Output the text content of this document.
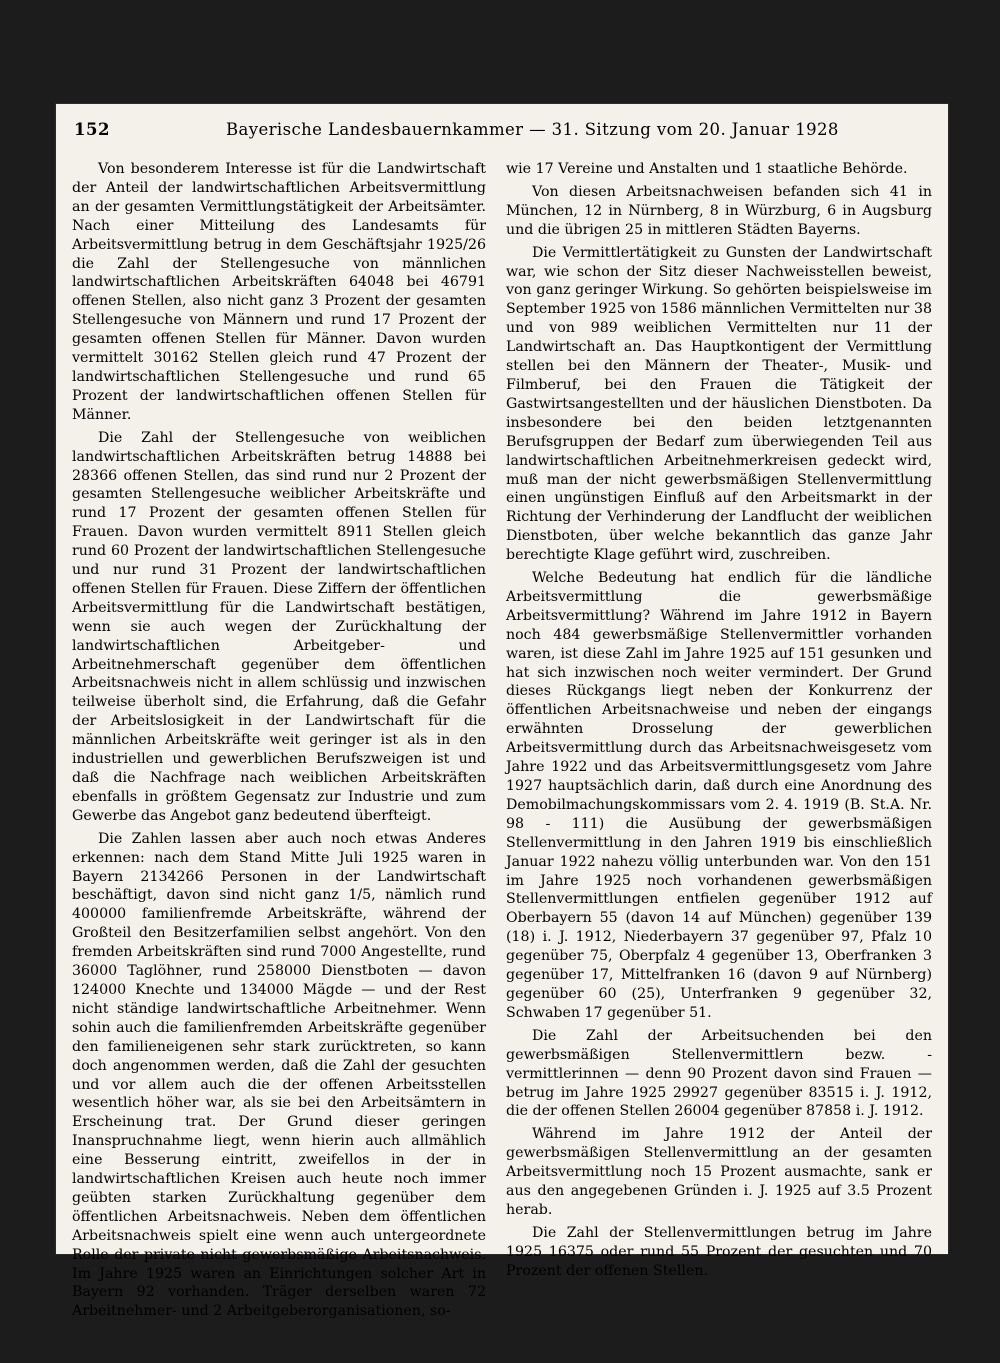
152	Bayerische Landesbauernkammer — 31. Sitzung vom 20. Januar 1928

Von besonderem Interesse ist für die Landwirtschaft der Anteil der landwirtschaftlichen Arbeitsvermittlung an der gesamten Vermittlungstätigkeit der Arbeitsämter. Nach einer Mitteilung des Landesamts für Arbeitsvermittlung betrug in dem Geschäftsjahr 1925/26 die Zahl der Stellengesuche von männlichen landwirtschaftlichen Arbeitskräften 64048 bei 46791 offenen Stellen, also nicht ganz 3 Prozent der gesamten Stellengesuche von Männern und rund 17 Prozent der gesamten offenen Stellen für Männer. Davon wurden vermittelt 30162 Stellen gleich rund 47 Prozent der landwirtschaftlichen Stellengesuche und rund 65 Prozent der landwirtschaftlichen offenen Stellen für Männer.

Die Zahl der Stellengesuche von weiblichen landwirtschaftlichen Arbeitskräften betrug 14888 bei 28366 offenen Stellen, das sind rund nur 2 Prozent der gesamten Stellengesuche weiblicher Arbeitskräfte und rund 17 Prozent der gesamten offenen Stellen für Frauen. Davon wurden vermittelt 8911 Stellen gleich rund 60 Prozent der landwirtschaftlichen Stellengesuche und nur rund 31 Prozent der landwirtschaftlichen offenen Stellen für Frauen. Diese Ziffern der öffentlichen Arbeitsvermittlung für die Landwirtschaft bestätigen, wenn sie auch wegen der Zurückhaltung der landwirtschaftlichen Arbeitgeber- und Arbeitnehmerschaft gegenüber dem öffentlichen Arbeitsnachweis nicht in allem schlüssig und inzwischen teilweise überholt sind, die Erfahrung, daß die Gefahr der Arbeitslosigkeit in der Landwirtschaft für die männlichen Arbeitskräfte weit geringer ist als in den industriellen und gewerblichen Berufszweigen ist und daß die Nachfrage nach weiblichen Arbeitskräften ebenfalls in größtem Gegensatz zur Industrie und zum Gewerbe das Angebot ganz bedeutend überfteigt.

Die Zahlen lassen aber auch noch etwas Anderes erkennen: nach dem Stand Mitte Juli 1925 waren in Bayern 2134266 Personen in der Landwirtschaft beschäftigt, davon sind nicht ganz 1/5, nämlich rund 400000 familienfremde Arbeitskräfte, während der Großteil den Besitzerfamilien selbst angehört. Von den fremden Arbeitskräften sind rund 7000 Angestellte, rund 36000 Taglöhner, rund 258000 Dienstboten — davon 124000 Knechte und 134000 Mägde — und der Rest nicht ständige landwirtschaftliche Arbeitnehmer. Wenn sohin auch die familienfremden Arbeitskräfte gegenüber den familieneigenen sehr stark zurücktreten, so kann doch angenommen werden, daß die Zahl der gesuchten und vor allem auch die der offenen Arbeitsstellen wesentlich höher war, als sie bei den Arbeitsämtern in Erscheinung trat. Der Grund dieser geringen Inanspruchnahme liegt, wenn hierin auch allmählich eine Besserung eintritt, zweifellos in der in landwirtschaftlichen Kreisen auch heute noch immer geübten starken Zurückhaltung gegenüber dem öffentlichen Arbeitsnachweis. Neben dem öffentlichen Arbeitsnachweis spielt eine wenn auch untergeordnete Rolle der private nicht gewerbsmäßige Arbeitsnachweis. Im Jahre 1925 waren an Einrichtungen solcher Art in Bayern 92 vorhanden. Träger derselben waren 72 Arbeitnehmer- und 2 Arbeitgeberorganisationen, so-

wie 17 Vereine und Anstalten und 1 staatliche Behörde.

Von diesen Arbeitsnachweisen befanden sich 41 in München, 12 in Nürnberg, 8 in Würzburg, 6 in Augsburg und die übrigen 25 in mittleren Städten Bayerns.

Die Vermittlertätigkeit zu Gunsten der Landwirtschaft war, wie schon der Sitz dieser Nachweisstellen beweist, von ganz geringer Wirkung. So gehörten beispielsweise im September 1925 von 1586 männlichen Vermittelten nur 38 und von 989 weiblichen Vermittelten nur 11 der Landwirtschaft an. Das Hauptkontigent der Vermittlung stellen bei den Männern der Theater-, Musik- und Filmberuf, bei den Frauen die Tätigkeit der Gastwirtsangestellten und der häuslichen Dienstboten. Da insbesondere bei den beiden letztgenannten Berufsgruppen der Bedarf zum überwiegenden Teil aus landwirtschaftlichen Arbeitnehmerkreisen gedeckt wird, muß man der nicht gewerbsmäßigen Stellenvermittlung einen ungünstigen Einfluß auf den Arbeitsmarkt in der Richtung der Verhinderung der Landflucht der weiblichen Dienstboten, über welche bekanntlich das ganze Jahr berechtigte Klage geführt wird, zuschreiben.

Welche Bedeutung hat endlich für die ländliche Arbeitsvermittlung die gewerbsmäßige Arbeitsvermittlung? Während im Jahre 1912 in Bayern noch 484 gewerbsmäßige Stellenvermittler vorhanden waren, ist diese Zahl im Jahre 1925 auf 151 gesunken und hat sich inzwischen noch weiter vermindert. Der Grund dieses Rückgangs liegt neben der Konkurrenz der öffentlichen Arbeitsnachweise und neben der eingangs erwähnten Drosselung der gewerblichen Arbeitsvermittlung durch das Arbeitsnachweisgesetz vom Jahre 1922 und das Arbeitsvermittlungsgesetz vom Jahre 1927 hauptsächlich darin, daß durch eine Anordnung des Demobilmachungskommissars vom 2. 4. 1919 (B. St.A. Nr. 98 - 111) die Ausübung der gewerbsmäßigen Stellenvermittlung in den Jahren 1919 bis einschließlich Januar 1922 nahezu völlig unterbunden war. Von den 151 im Jahre 1925 noch vorhandenen gewerbsmäßigen Stellenvermittlungen entfielen gegenüber 1912 auf Oberbayern 55 (davon 14 auf München) gegenüber 139 (18) i. J. 1912, Niederbayern 37 gegenüber 97, Pfalz 10 gegenüber 75, Oberpfalz 4 gegenüber 13, Oberfranken 3 gegenüber 17, Mittelfranken 16 (davon 9 auf Nürnberg) gegenüber 60 (25), Unterfranken 9 gegenüber 32, Schwaben 17 gegenüber 51.

Die Zahl der Arbeitsuchenden bei den gewerbsmäßigen Stellenvermittlern bezw. -vermittlerinnen — denn 90 Prozent davon sind Frauen — betrug im Jahre 1925 29927 gegenüber 83515 i. J. 1912, die der offenen Stellen 26004 gegenüber 87858 i. J. 1912.

Während im Jahre 1912 der Anteil der gewerbsmäßigen Stellenvermittlung an der gesamten Arbeitsvermittlung noch 15 Prozent ausmachte, sank er aus den angegebenen Gründen i. J. 1925 auf 3.5 Prozent herab.

Die Zahl der Stellenvermittlungen betrug im Jahre 1925 16375 oder rund 55 Prozent der gesuchten und 70 Prozent der offenen Stellen.
